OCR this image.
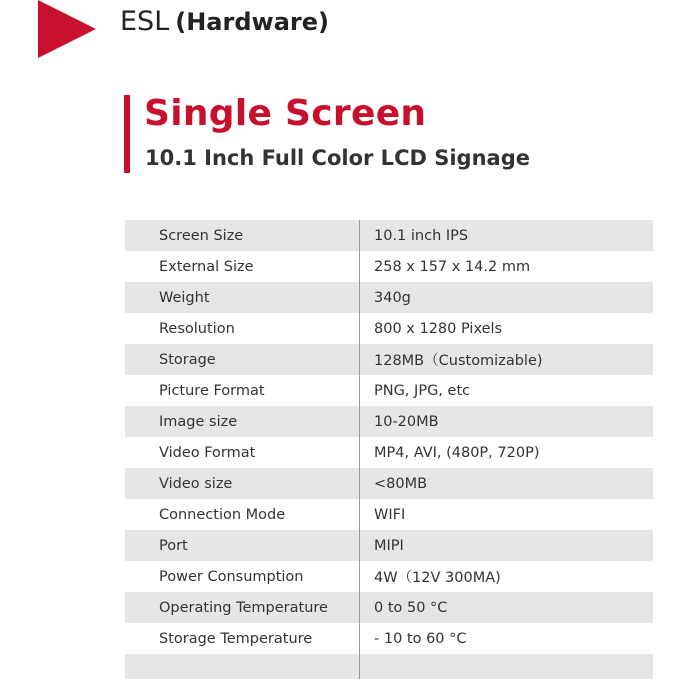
ESL (Hardware)
Single Screen
10.1 Inch Full Color LCD Signage
Screen Size	10.1 inch IPS
External Size	258 x 157 x 14.2 mm
Weight	340g
Resolution	800 x 1280 Pixels
Storage	128MB（Customizable)
Picture Format	PNG, JPG, etc
Image size	10-20MB
Video Format	MP4, AVI, (480P, 720P)
Video size	<80MB
Connection Mode	WIFI
Port	MIPI
Power Consumption	4W（12V 300MA)
Operating Temperature	0 to 50 °C
Storage Temperature	- 10 to 60 °C
